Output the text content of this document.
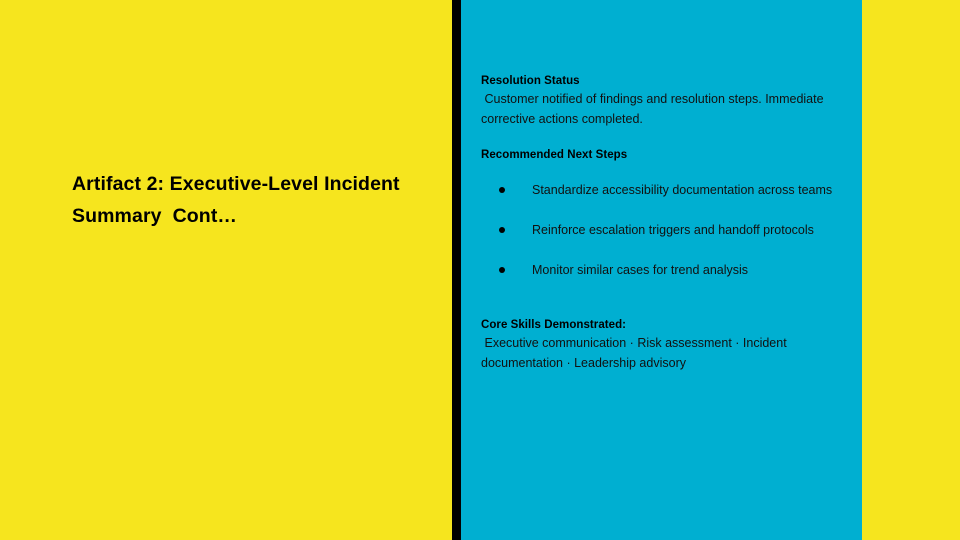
Artifact 2: Executive-Level Incident Summary  Cont…
Resolution Status
Customer notified of findings and resolution steps. Immediate corrective actions completed.
Recommended Next Steps
Standardize accessibility documentation across teams
Reinforce escalation triggers and handoff protocols
Monitor similar cases for trend analysis
Core Skills Demonstrated:
Executive communication · Risk assessment · Incident documentation · Leadership advisory
